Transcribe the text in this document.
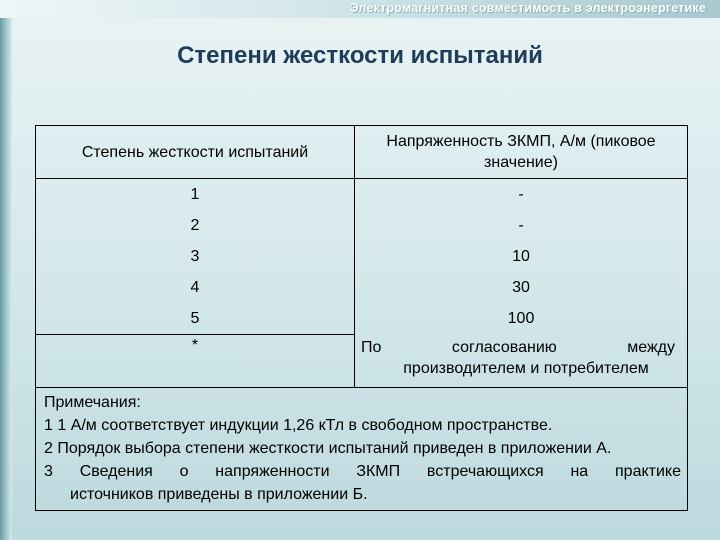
Электромагнитная совместимость в электроэнергетике
Степени жесткости испытаний
Степень жесткости испытаний	Напряженность ЗКМП, А/м (пиковое значение)
1	-
2	-
3	10
4	30
5	100
*	По согласованию между
производителем и потребителем
Примечания:
1 1 А/м соответствует индукции 1,26 кТл в свободном пространстве.
2 Порядок выбора степени жесткости испытаний приведен в приложении А.
3 Сведения о напряженности ЗКМП встречающихся на практике
источников приведены в приложении Б.
